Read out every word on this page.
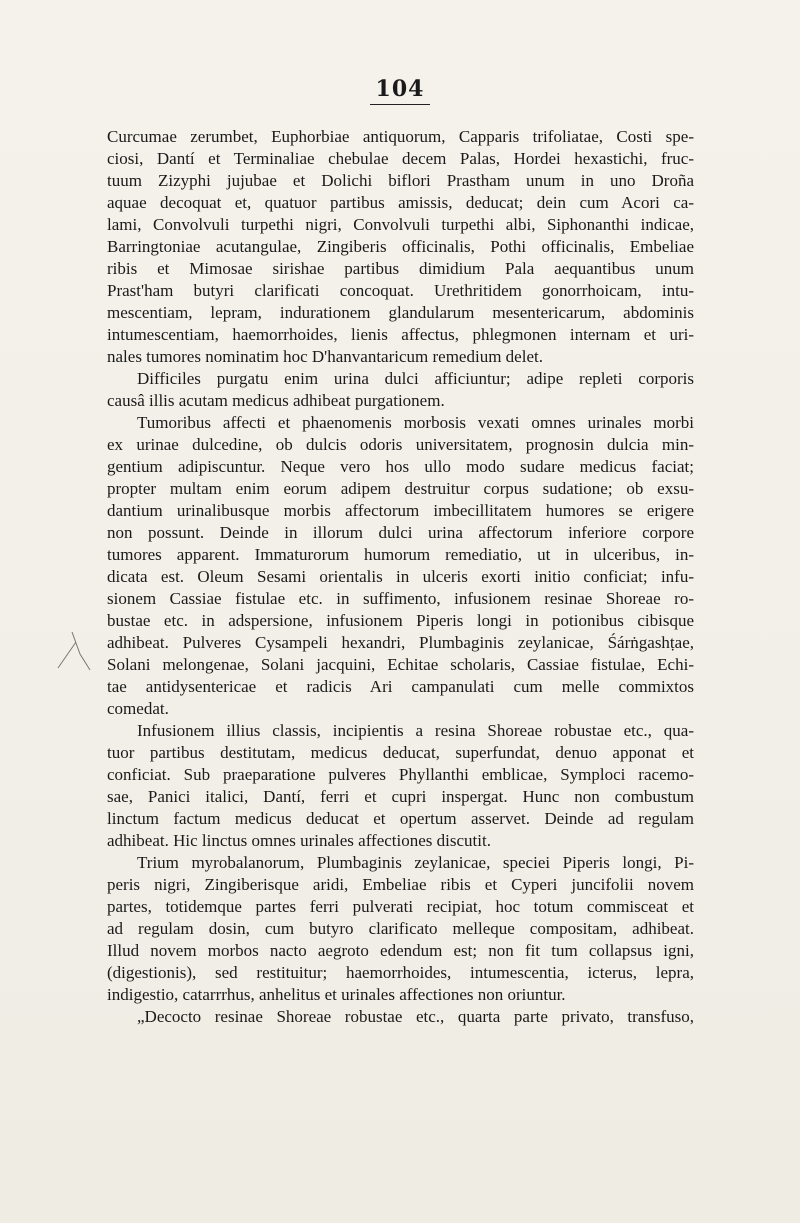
104
Curcumae zerumbet, Euphorbiae antiquorum, Capparis trifoliatae, Costi spe-
ciosi, Dantí et Terminaliae chebulae decem Palas, Hordei hexastichi, fruc-
tuum Zizyphi jujubae et Dolichi biflori Prastham unum in uno Droña
aquae decoquat et, quatuor partibus amissis, deducat; dein cum Acori ca-
lami, Convolvuli turpethi nigri, Convolvuli turpethi albi, Siphonanthi indicae,
Barringtoniae acutangulae, Zingiberis officinalis, Pothi officinalis, Embeliae
ribis et Mimosae sirishae partibus dimidium Pala aequantibus unum
Prast'ham butyri clarificati concoquat. Urethritidem gonorrhoicam, intu-
mescentiam, lepram, indurationem glandularum mesentericarum, abdominis
intumescentiam, haemorrhoides, lienis affectus, phlegmonen internam et uri-
nales tumores nominatim hoc D'hanvantaricum remedium delet.
Difficiles purgatu enim urina dulci afficiuntur; adipe repleti corporis
causâ illis acutam medicus adhibeat purgationem.
Tumoribus affecti et phaenomenis morbosis vexati omnes urinales morbi
ex urinae dulcedine, ob dulcis odoris universitatem, prognosin dulcia min-
gentium adipiscuntur. Neque vero hos ullo modo sudare medicus faciat;
propter multam enim eorum adipem destruitur corpus sudatione; ob exsu-
dantium urinalibusque morbis affectorum imbecillitatem humores se erigere
non possunt. Deinde in illorum dulci urina affectorum inferiore corpore
tumores apparent. Immaturorum humorum remediatio, ut in ulceribus, in-
dicata est. Oleum Sesami orientalis in ulceris exorti initio conficiat; infu-
sionem Cassiae fistulae etc. in suffimento, infusionem resinae Shoreae ro-
bustae etc. in adspersione, infusionem Piperis longi in potionibus cibisque
adhibeat. Pulveres Cysampeli hexandri, Plumbaginis zeylanicae, Śárṅgashṭae,
Solani melongenae, Solani jacquini, Echitae scholaris, Cassiae fistulae, Echi-
tae antidysentericae et radicis Ari campanulati cum melle commixtos
comedat.
Infusionem illius classis, incipientis a resina Shoreae robustae etc., qua-
tuor partibus destitutam, medicus deducat, superfundat, denuo apponat et
conficiat. Sub praeparatione pulveres Phyllanthi emblicae, Symploci racemo-
sae, Panici italici, Dantí, ferri et cupri inspergat. Hunc non combustum
linctum factum medicus deducat et opertum asservet. Deinde ad regulam
adhibeat. Hic linctus omnes urinales affectiones discutit.
Trium myrobalanorum, Plumbaginis zeylanicae, speciei Piperis longi, Pi-
peris nigri, Zingiberisque aridi, Embeliae ribis et Cyperi juncifolii novem
partes, totidemque partes ferri pulverati recipiat, hoc totum commisceat et
ad regulam dosin, cum butyro clarificato melleque compositam, adhibeat.
Illud novem morbos nacto aegroto edendum est; non fit tum collapsus igni,
(digestionis), sed restituitur; haemorrhoides, intumescentia, icterus, lepra,
indigestio, catarrrhus, anhelitus et urinales affectiones non oriuntur.
„Decocto resinae Shoreae robustae etc., quarta parte privato, transfuso,
